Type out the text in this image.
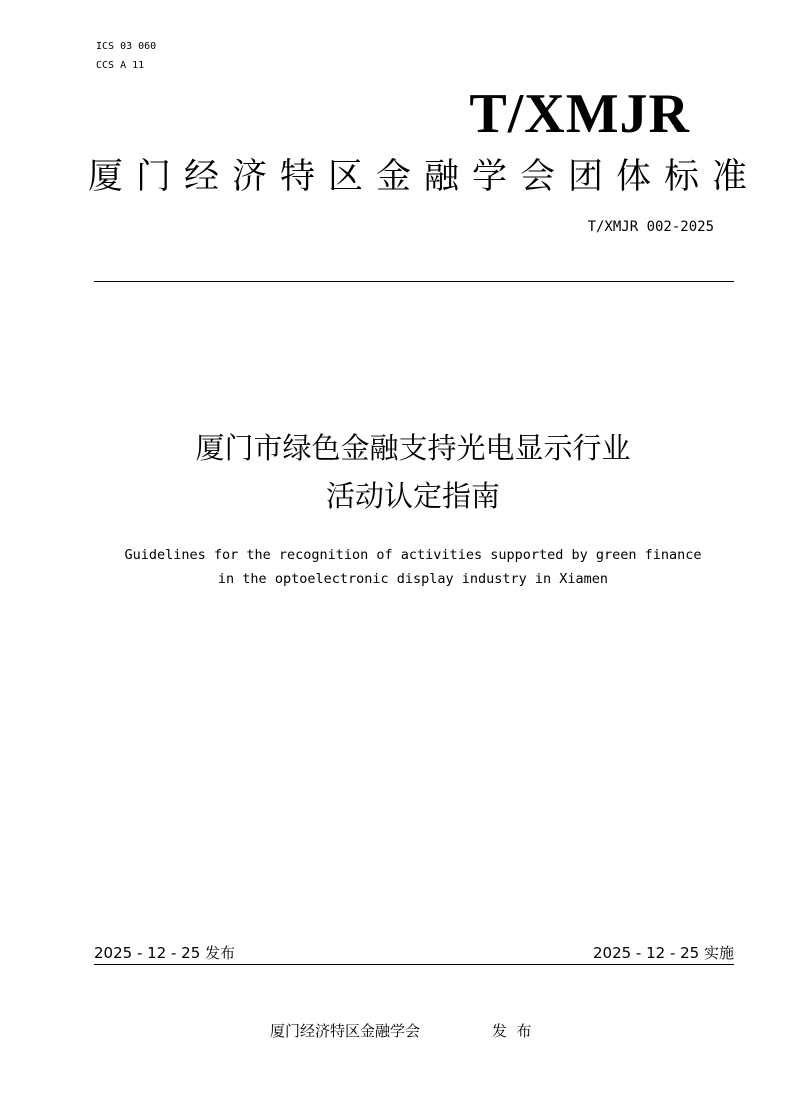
ICS 03 060
CCS A 11
T/XMJR
厦门经济特区金融学会团体标准
T/XMJR 002-2025
厦门市绿色金融支持光电显示行业
活动认定指南
Guidelines for the recognition of activities supported by green finance
in the optoelectronic display industry in Xiamen
2025 - 12 - 25 发布	2025 - 12 - 25 实施
厦门经济特区金融学会	发  布
